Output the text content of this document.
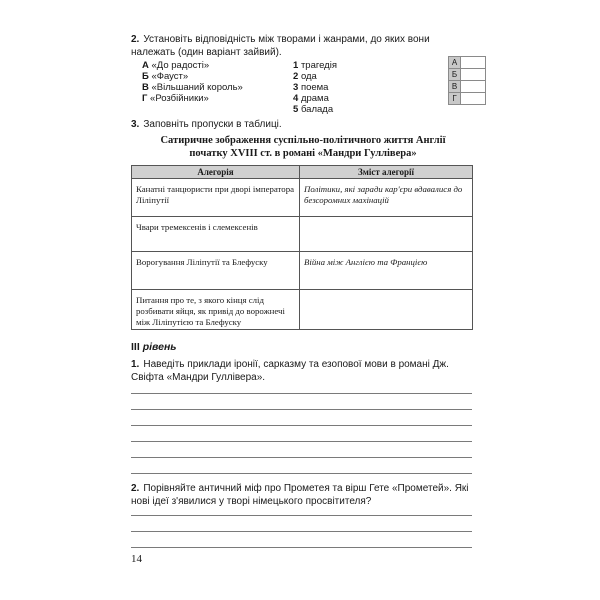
2. Установіть відповідність між творами і жанрами, до яких вони належать (один варіант зайвий).
А «До радості»
Б «Фауст»
В «Вільшаний король»
Г «Розбійники»
1 трагедія
2 ода
3 поема
4 драма
5 балада
А	
Б	
В	
Г	
3. Заповніть пропуски в таблиці.
Сатиричне зображення суспільно-політичного життя Англії
початку XVIII ст. в романі «Мандри Гуллівера»
Алегорія	Зміст алегорії
Канатні танцюристи при дворі імператора Ліліпутії	Політики, які заради кар'єри вдавалися до безсоромних махінацій
Чвари тремексенів і слемексенів	
Ворогування Ліліпутії та Блефуску	Війна між Англією та Францією
Питання про те, з якого кінця слід розбивати яйця, як привід до ворожнечі між Ліліпутією та Блефуску	
III рівень
1. Наведіть приклади іронії, сарказму та езопової мови в романі Дж. Свіфта «Мандри Гуллівера».
2. Порівняйте античний міф про Прометея та вірш Гете «Прометей». Які нові ідеї з'явилися у творі німецького просвітителя?
14
